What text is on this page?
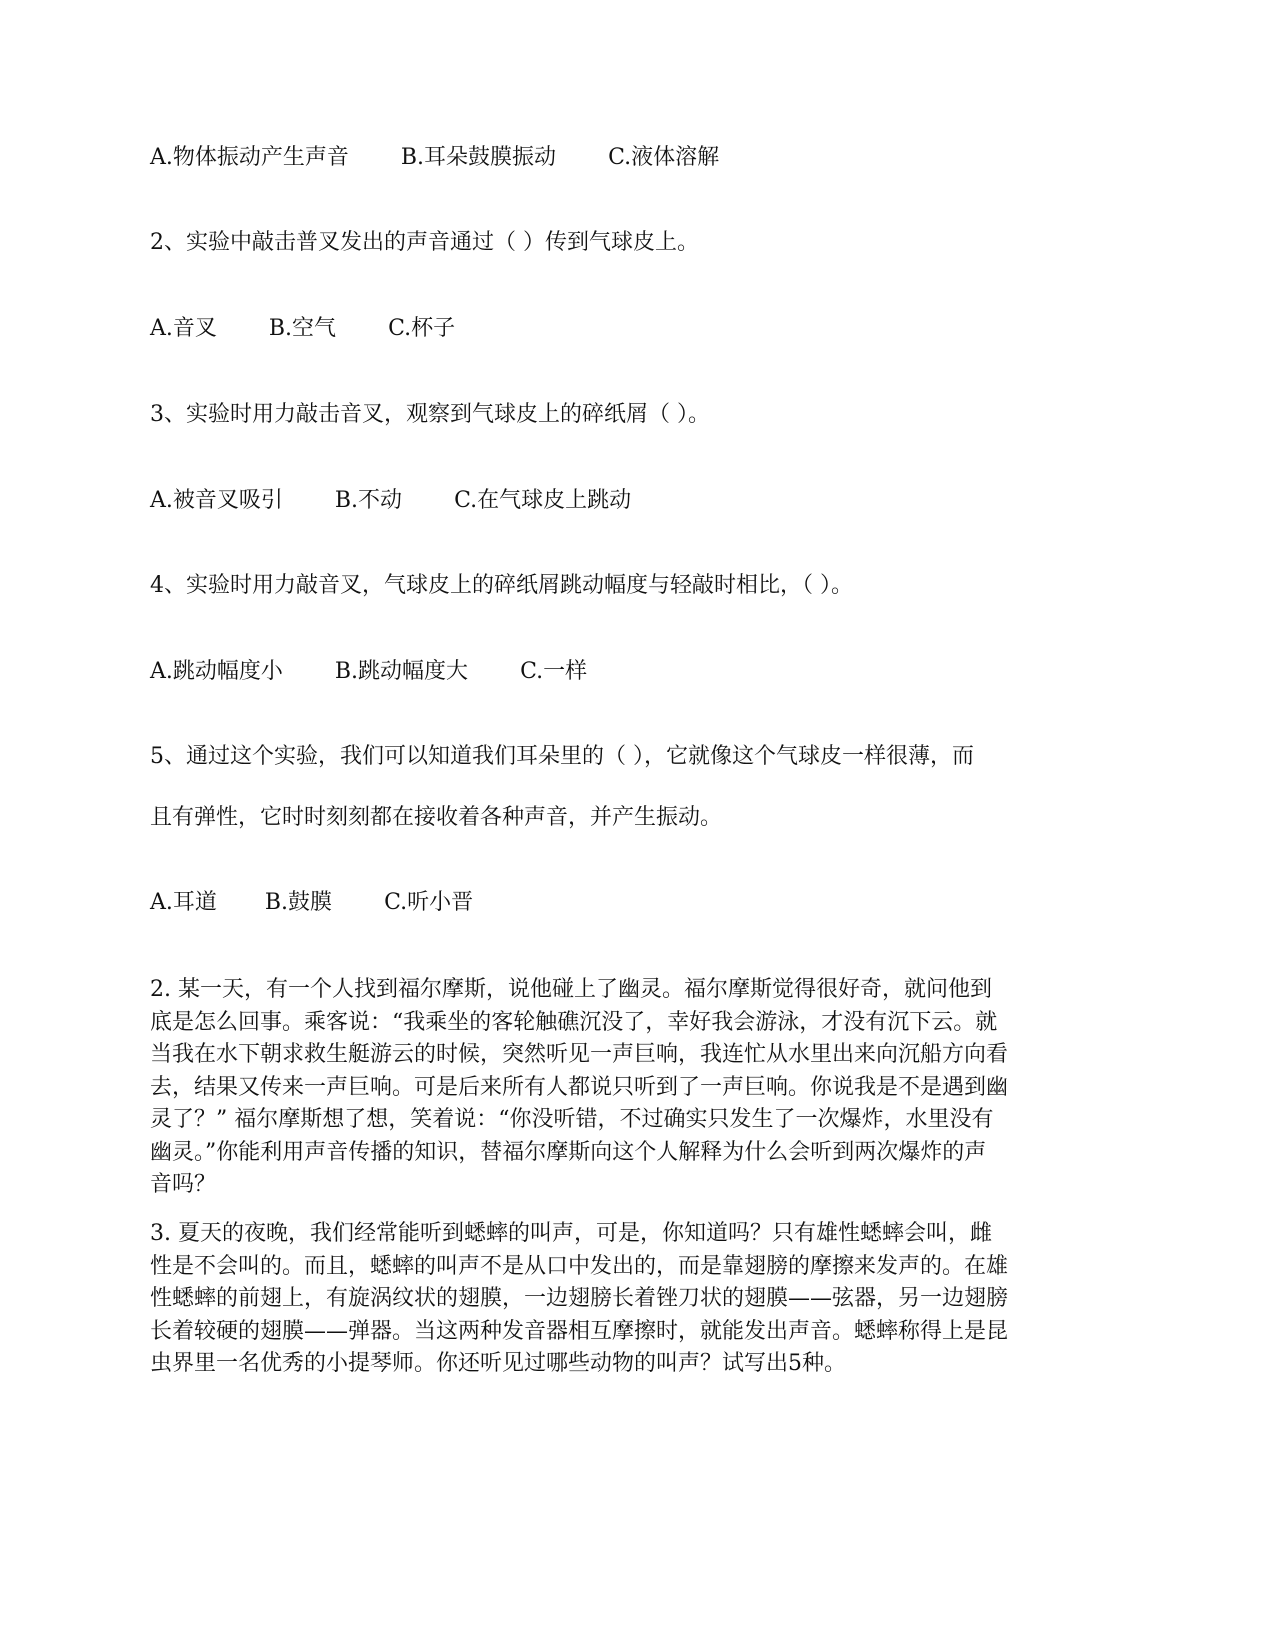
A.物体振动产生声音 B.耳朵鼓膜振动 C.液体溶解
2、实验中敲击普叉发出的声音通过（ ）传到气球皮上。
A.音叉 B.空气 C.杯子
3、实验时用力敲击音叉，观察到气球皮上的碎纸屑（ ）。
A.被音叉吸引 B.不动 C.在气球皮上跳动
4、实验时用力敲音叉，气球皮上的碎纸屑跳动幅度与轻敲时相比，（ ）。
A.跳动幅度小 B.跳动幅度大 C.一样
5、通过这个实验，我们可以知道我们耳朵里的（ ），它就像这个气球皮一样很薄，而
且有弹性，它时时刻刻都在接收着各种声音，并产生振动。
A.耳道 B.鼓膜 C.听小晋
2. 某一天，有一个人找到福尔摩斯，说他碰上了幽灵。福尔摩斯觉得很好奇，就问他到
底是怎么回事。乘客说：“我乘坐的客轮触礁沉没了，幸好我会游泳，才没有沉下云。就
当我在水下朝求救生艇游云的时候，突然听见一声巨响，我连忙从水里出来向沉船方向看
去，结果又传来一声巨响。可是后来所有人都说只听到了一声巨响。你说我是不是遇到幽
灵了？” 福尔摩斯想了想，笑着说：“你没听错，不过确实只发生了一次爆炸，水里没有
幽灵。”你能利用声音传播的知识，替福尔摩斯向这个人解释为什么会听到两次爆炸的声
音吗？
3. 夏天的夜晚，我们经常能听到蟋蟀的叫声，可是，你知道吗？只有雄性蟋蟀会叫，雌
性是不会叫的。而且，蟋蟀的叫声不是从口中发出的，而是靠翅膀的摩擦来发声的。在雄
性蟋蟀的前翅上，有旋涡纹状的翅膜，一边翅膀长着锉刀状的翅膜——弦器，另一边翅膀
长着较硬的翅膜——弹器。当这两种发音器相互摩擦时，就能发出声音。蟋蟀称得上是昆
虫界里一名优秀的小提琴师。你还听见过哪些动物的叫声？试写出5种。
